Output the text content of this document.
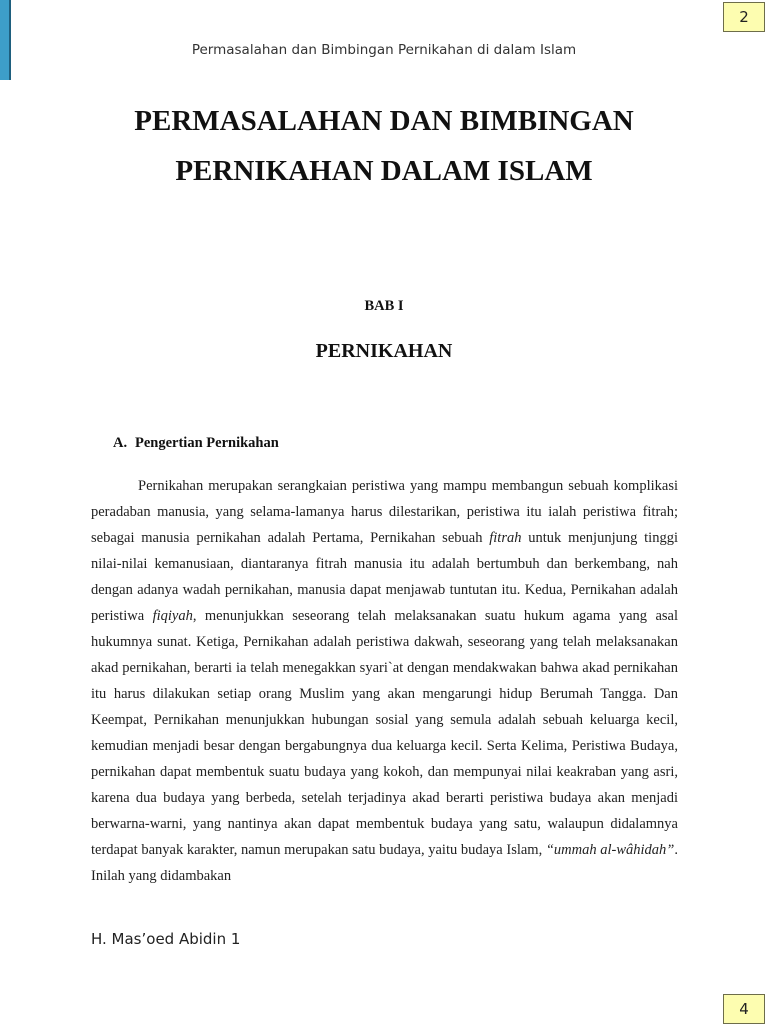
2
Permasalahan dan Bimbingan Pernikahan di dalam Islam
PERMASALAHAN DAN BIMBINGAN
PERNIKAHAN DALAM ISLAM
BAB I
PERNIKAHAN
A. Pengertian Pernikahan

Pernikahan merupakan serangkaian peristiwa yang mampu membangun sebuah komplikasi peradaban manusia, yang selama-lamanya harus dilestarikan, peristiwa itu ialah peristiwa fitrah; sebagai manusia pernikahan adalah Pertama, Pernikahan sebuah fitrah untuk menjunjung tinggi nilai-nilai kemanusiaan, diantaranya fitrah manusia itu adalah bertumbuh dan berkembang, nah dengan adanya wadah pernikahan, manusia dapat menjawab tuntutan itu. Kedua, Pernikahan adalah peristiwa fiqiyah, menunjukkan seseorang telah melaksanakan suatu hukum agama yang asal hukumnya sunat. Ketiga, Pernikahan adalah peristiwa dakwah, seseorang yang telah melaksanakan akad pernikahan, berarti ia telah menegakkan syari`at dengan mendakwakan bahwa akad pernikahan itu harus dilakukan setiap orang Muslim yang akan mengarungi hidup Berumah Tangga. Dan Keempat, Pernikahan menunjukkan hubungan sosial yang semula adalah sebuah keluarga kecil, kemudian menjadi besar dengan bergabungnya dua keluarga kecil. Serta Kelima, Peristiwa Budaya, pernikahan dapat membentuk suatu budaya yang kokoh, dan mempunyai nilai keakraban yang asri, karena dua budaya yang berbeda, setelah terjadinya akad berarti peristiwa budaya akan menjadi berwarna-warni, yang nantinya akan dapat membentuk budaya yang satu, walaupun didalamnya terdapat banyak karakter, namun merupakan satu budaya, yaitu budaya Islam, “ummah al-wâhidah”. Inilah yang didambakan

H. Mas’oed Abidin 1
4
